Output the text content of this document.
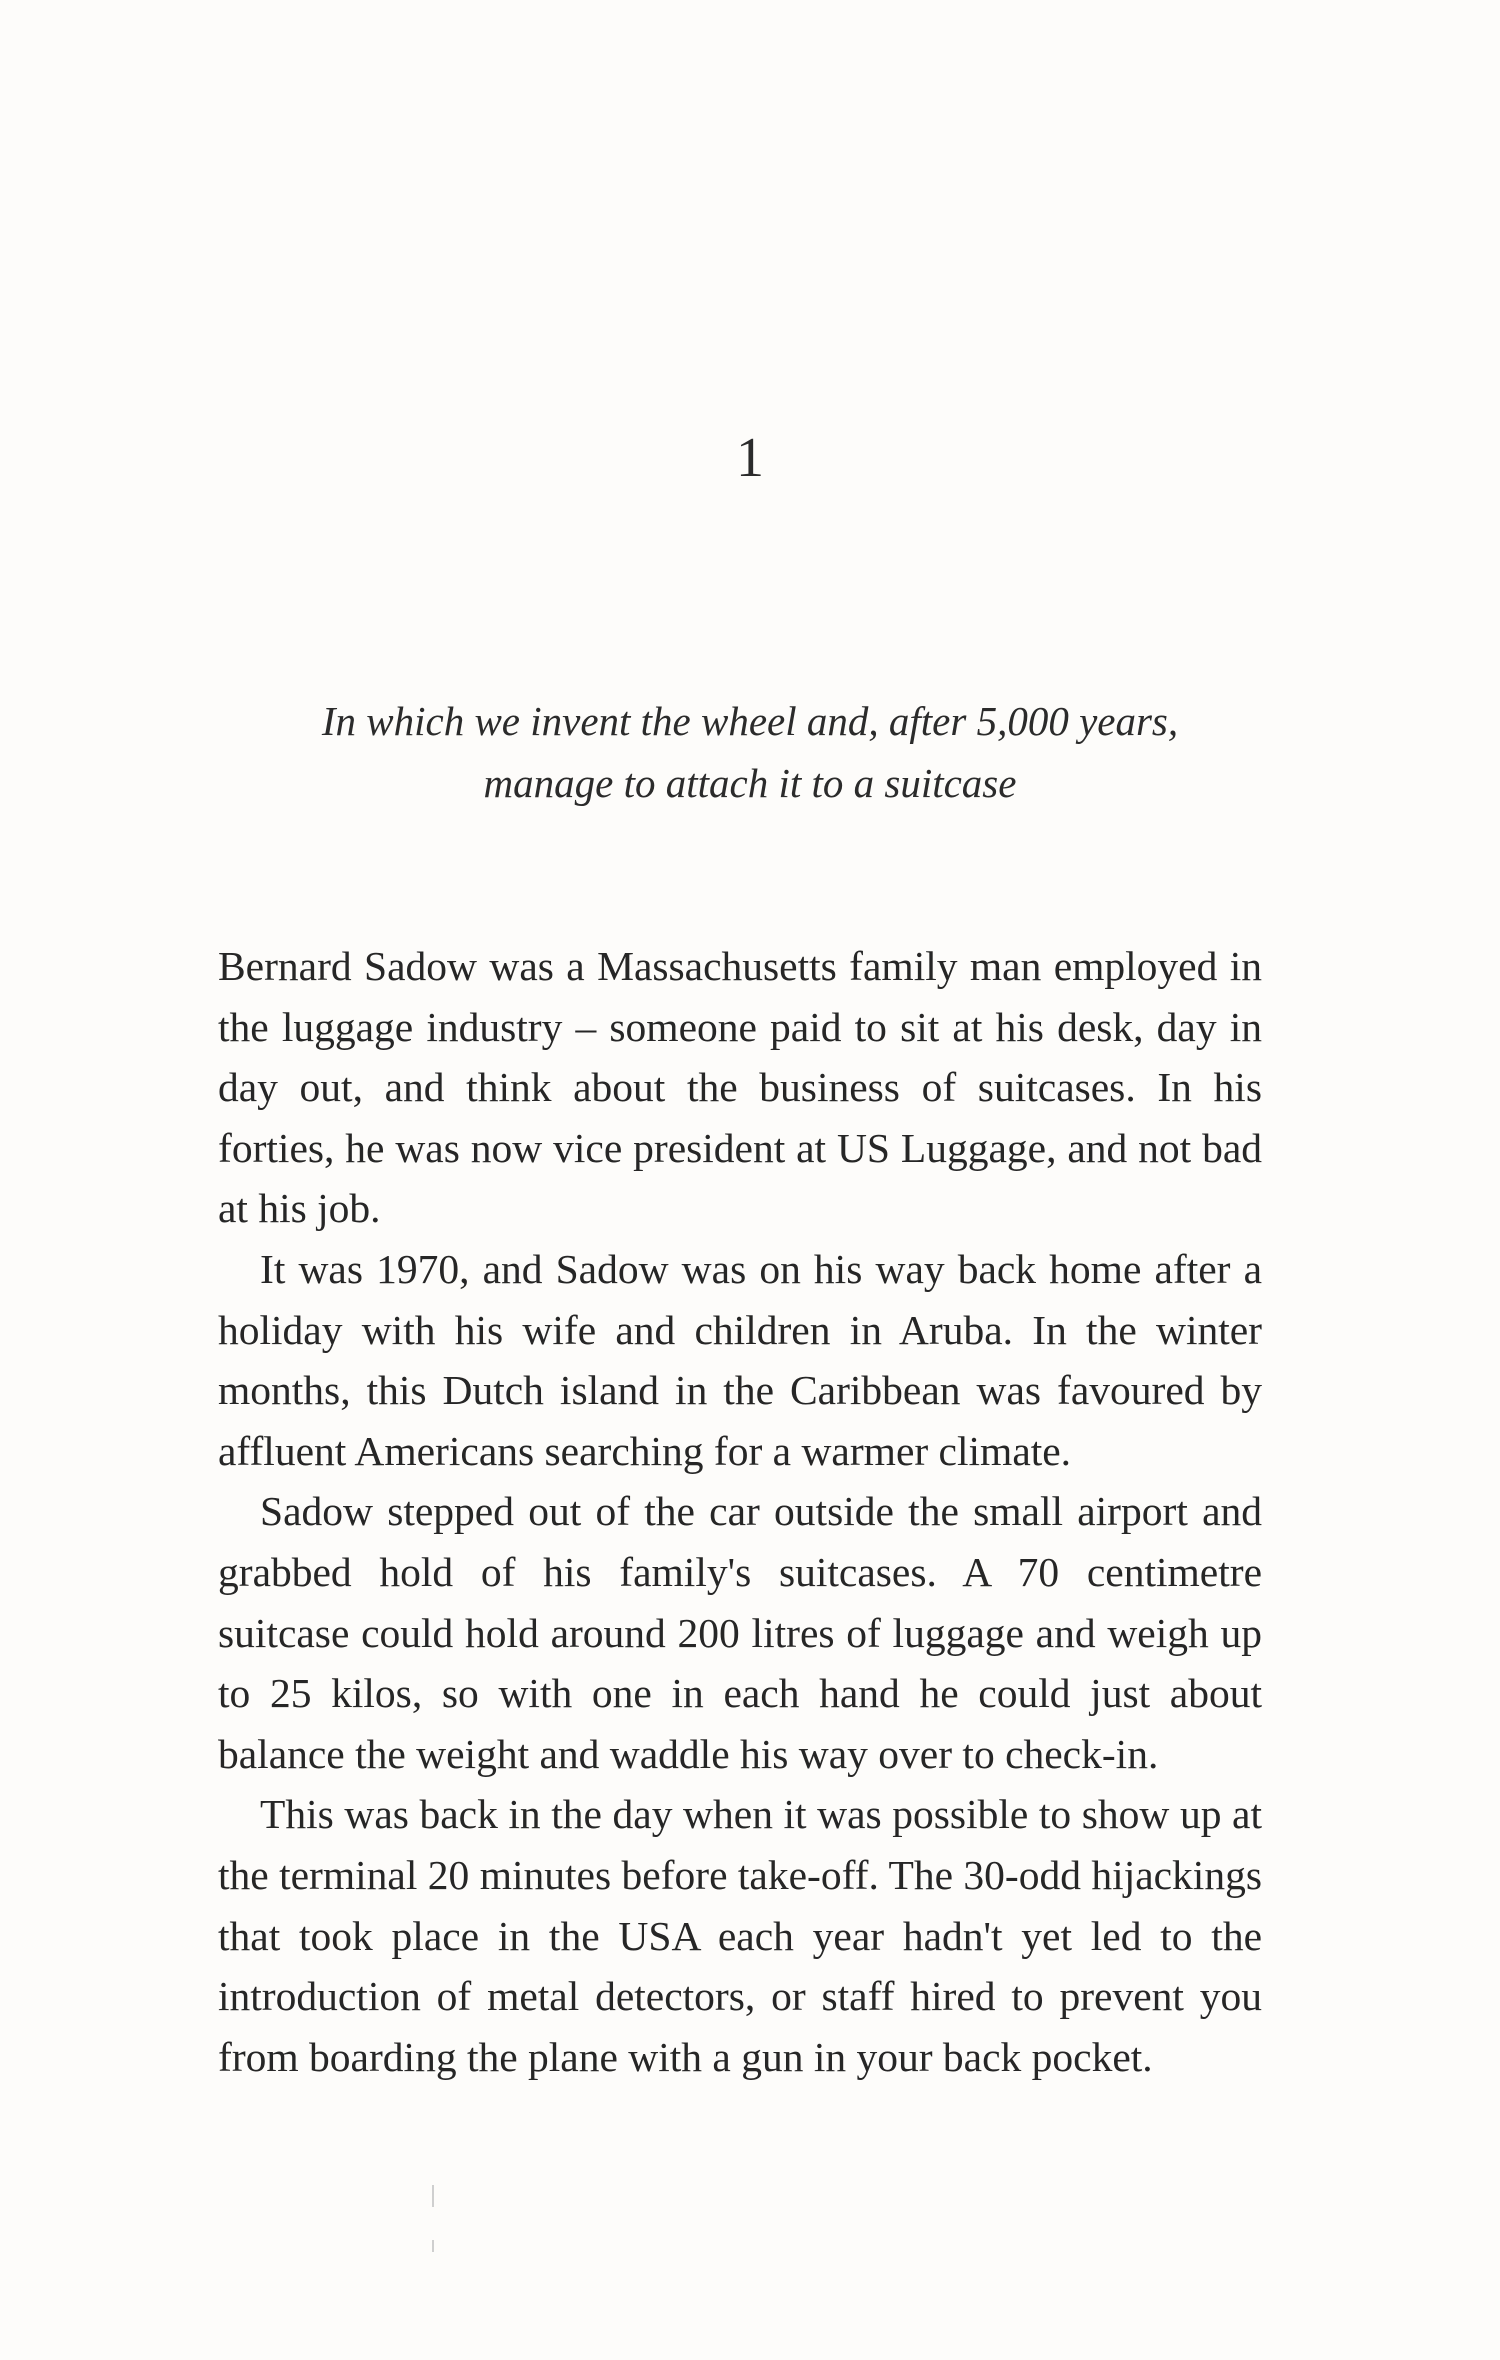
1
In which we invent the wheel and, after 5,000 years,
manage to attach it to a suitcase

Bernard Sadow was a Massachusetts family man employed in the luggage industry – someone paid to sit at his desk, day in day out, and think about the business of suitcases. In his forties, he was now vice president at US Luggage, and not bad at his job.

It was 1970, and Sadow was on his way back home after a holiday with his wife and children in Aruba. In the winter months, this Dutch island in the Caribbean was favoured by affluent Americans searching for a warmer climate.

Sadow stepped out of the car outside the small airport and grabbed hold of his family's suitcases. A 70 centimetre suitcase could hold around 200 litres of luggage and weigh up to 25 kilos, so with one in each hand he could just about balance the weight and waddle his way over to check-in.

This was back in the day when it was possible to show up at the terminal 20 minutes before take-off. The 30-odd hijackings that took place in the USA each year hadn't yet led to the introduction of metal detectors, or staff hired to prevent you from boarding the plane with a gun in your back pocket.
